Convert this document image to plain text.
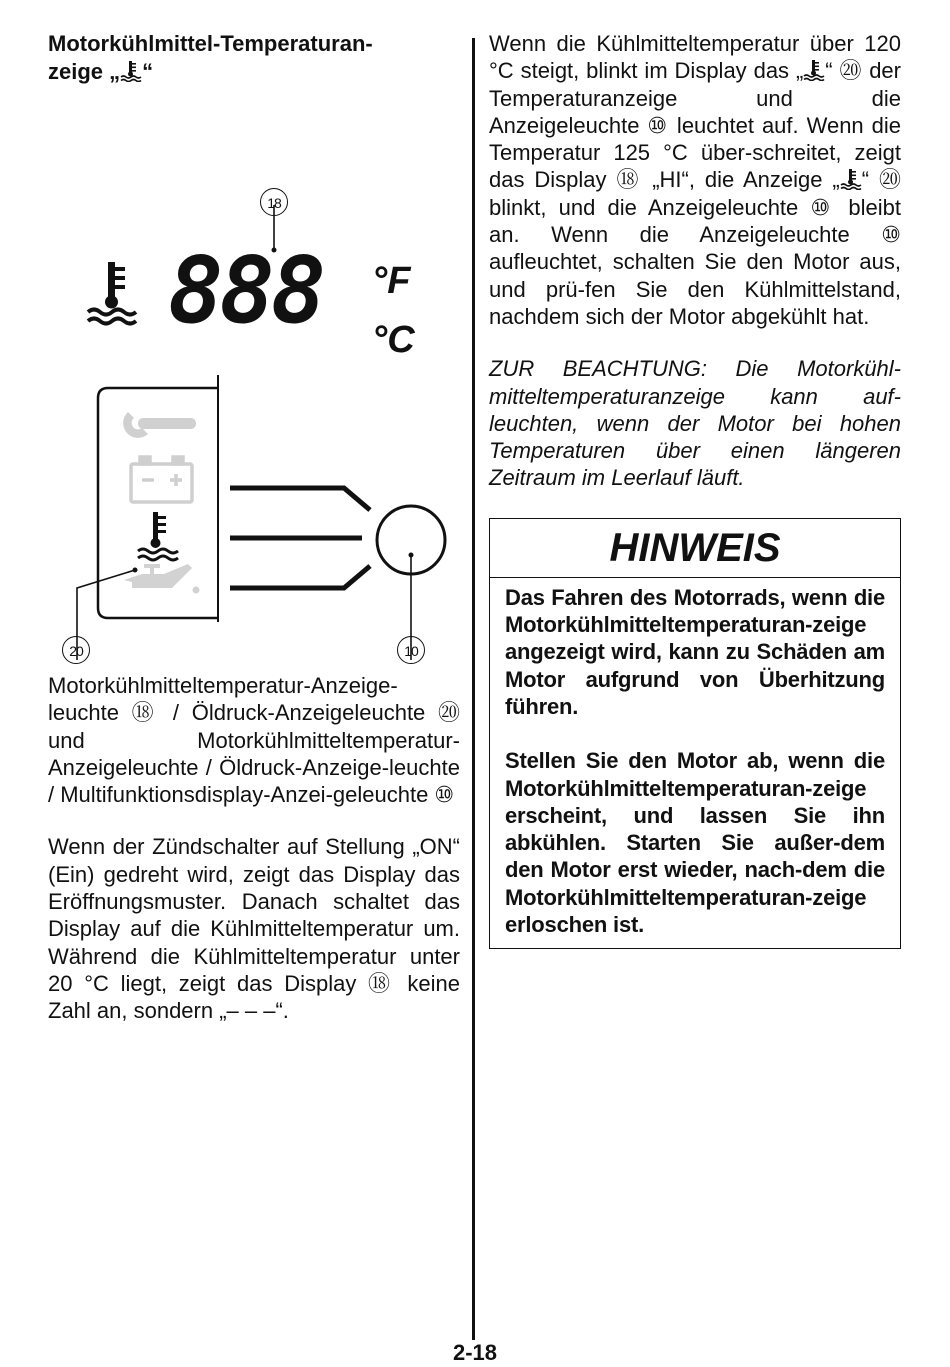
Motorkühlmittel-Temperaturan-
zeige „ “

888 °F
°C
18
20	10

Motorkühlmitteltemperatur-Anzeige-leuchte ⑱ / Öldruck-Anzeigeleuchte ⑳ und Motorkühlmitteltemperatur-Anzeigeleuchte / Öldruck-Anzeige-leuchte / Multifunktionsdisplay-Anzei-geleuchte ⑩

Wenn der Zündschalter auf Stellung „ON“ (Ein) gedreht wird, zeigt das Display das Eröffnungsmuster. Danach schaltet das Display auf die Kühlmitteltemperatur um. Während die Kühlmitteltemperatur unter 20 °C liegt, zeigt das Display ⑱ keine Zahl an, sondern „– – –“.

Wenn die Kühlmitteltemperatur über 120 °C steigt, blinkt im Display das „ “ ⑳ der Temperaturanzeige und die Anzeigeleuchte ⑩ leuchtet auf. Wenn die Temperatur 125 °C über-schreitet, zeigt das Display ⑱ „HI“, die Anzeige „ “ ⑳ blinkt, und die Anzeigeleuchte ⑩ bleibt an. Wenn die Anzeigeleuchte ⑩ aufleuchtet, schalten Sie den Motor aus, und prü-fen Sie den Kühlmittelstand, nachdem sich der Motor abgekühlt hat.

ZUR BEACHTUNG: Die Motorkühl-mitteltemperaturanzeige kann auf-leuchten, wenn der Motor bei hohen Temperaturen über einen längeren Zeitraum im Leerlauf läuft.

HINWEIS

Das Fahren des Motorrads, wenn die Motorkühlmitteltemperaturan-zeige angezeigt wird, kann zu Schäden am Motor aufgrund von Überhitzung führen.

Stellen Sie den Motor ab, wenn die Motorkühlmitteltemperaturan-zeige erscheint, und lassen Sie ihn abkühlen. Starten Sie außer-dem den Motor erst wieder, nach-dem die Motorkühlmitteltemperaturan-zeige erloschen ist.

2-18
